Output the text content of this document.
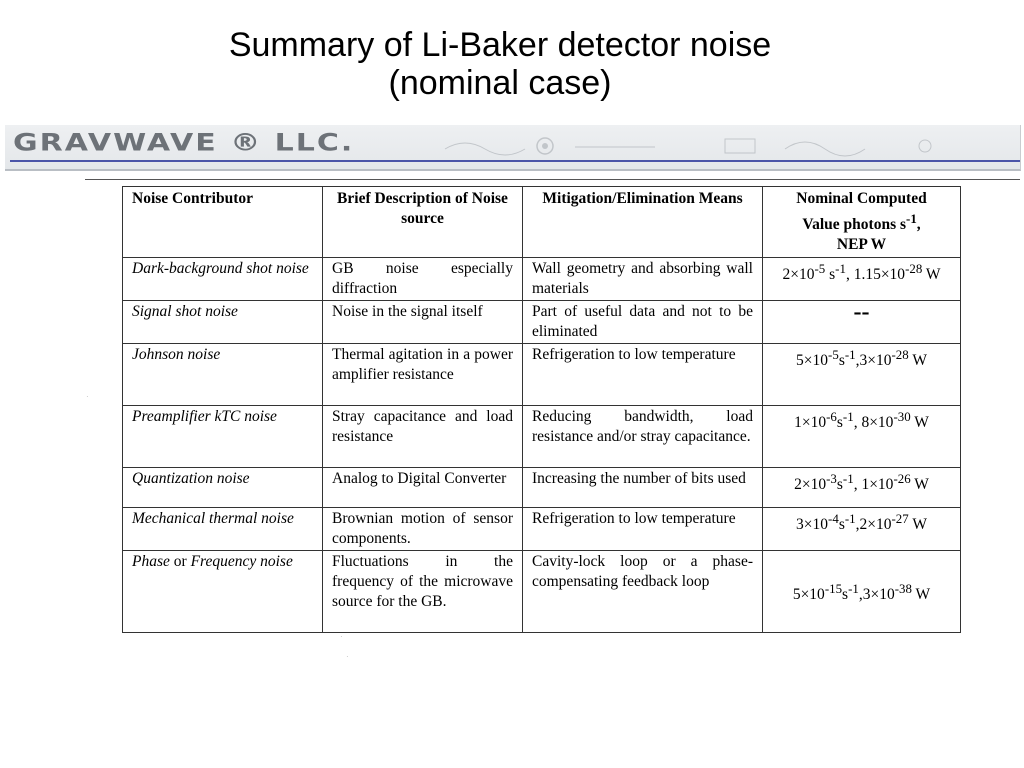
Summary of Li-Baker detector noise
(nominal case)
GRAVWAVE ® LLC.
·
·
·
Noise Contributor	Brief Description of Noise source	Mitigation/Elimination Means	Nominal Computed
Value photons $s^{-1}$,
NEP W
Dark-background shot noise	GB noise especially diffraction	Wall geometry and absorbing wall materials	$2\times 10^{-5}$ $s^{-1}$, $1.15\times 10^{-28}$ W
Signal shot noise	Noise in the signal itself	Part of useful data and not to be eliminated	--
Johnson noise	Thermal agitation in a power amplifier resistance	Refrigeration to low temperature	$5\times 10^{-5}s^{-1},3\times 10^{-28}$ W
Preamplifier kTC noise	Stray capacitance and load resistance	Reducing bandwidth, load resistance and/or stray capacitance.	$1\times 10^{-6}s^{-1}$, $8\times 10^{-30}$ W
Quantization noise	Analog to Digital Converter	Increasing the number of bits used	$2\times 10^{-3}s^{-1}$, $1\times 10^{-26}$ W
Mechanical thermal noise	Brownian motion of sensor components.	Refrigeration to low temperature	$3\times 10^{-4}s^{-1},2\times 10^{-27}$ W
Phase or Frequency noise	Fluctuations in the frequency of the microwave source for the GB.	Cavity-lock loop or a phase-compensating feedback loop	$5\times 10^{-15}s^{-1},3\times 10^{-38}$ W
